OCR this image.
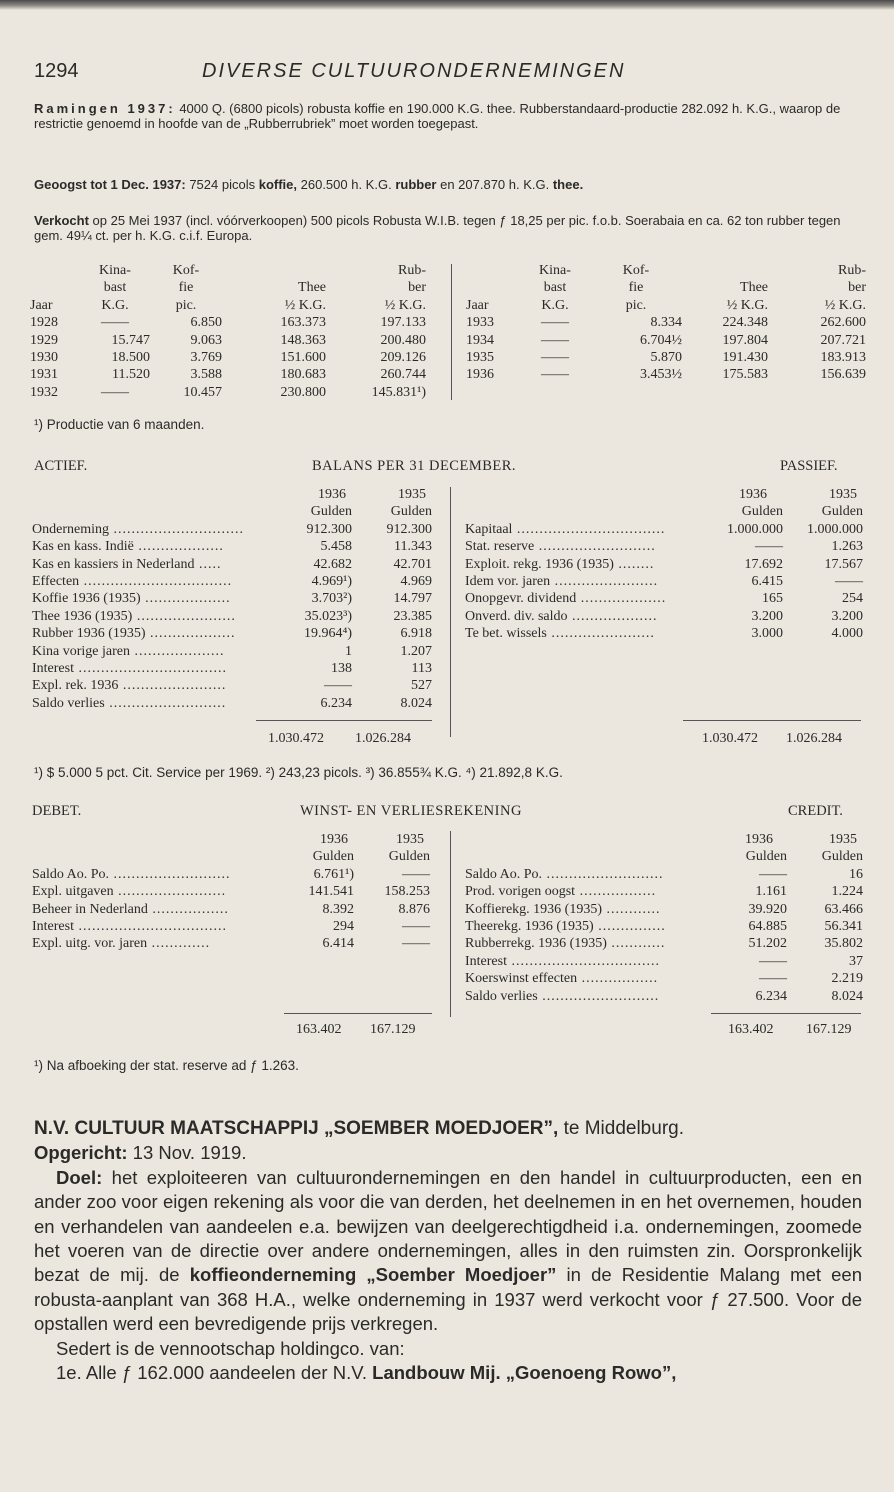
1294	DIVERSE CULTUURONDERNEMINGEN
Ramingen 1937: 4000 Q. (6800 picols) robusta koffie en 190.000 K.G. thee. Rubberstandaard-productie 282.092 h. K.G., waarop de restrictie genoemd in hoofde van de „Rubberrubriek” moet worden toegepast.
Geoogst tot 1 Dec. 1937: 7524 picols koffie, 260.500 h. K.G. rubber en 207.870 h. K.G. thee.
Verkocht op 25 Mei 1937 (incl. vóórverkoopen) 500 picols Robusta W.I.B. tegen ƒ 18,25 per pic. f.o.b. Soerabaia en ca. 62 ton rubber tegen gem. 49¼ ct. per h. K.G. c.i.f. Europa.
	Kina-	Kof-		Rub-
	bast	fie	Thee	ber
Jaar	K.G.	pic.	½ K.G.	½ K.G.
1928	——	6.850	163.373	197.133
1929	15.747	9.063	148.363	200.480
1930	18.500	3.769	151.600	209.126
1931	11.520	3.588	180.683	260.744
1932	——	10.457	230.800	145.831¹)
	Kina-	Kof-		Rub-
	bast	fie	Thee	ber
Jaar	K.G.	pic.	½ K.G.	½ K.G.
1933	——	8.334	224.348	262.600
1934	——	6.704½	197.804	207.721
1935	——	5.870	191.430	183.913
1936	——	3.453½	175.583	156.639
¹) Productie van 6 maanden.
ACTIEF.	BALANS PER 31 DECEMBER.	PASSIEF.
	1936	1935
	Gulden	Gulden
Onderneming .............................	912.300	912.300
Kas en kass. Indië ...................	5.458	11.343
Kas en kassiers in Nederland .....	42.682	42.701
Effecten .................................	4.969¹)	4.969
Koffie 1936 (1935) ...................	3.703²)	14.797
Thee 1936 (1935) ......................	35.023³)	23.385
Rubber 1936 (1935) ...................	19.964⁴)	6.918
Kina vorige jaren ....................	1	1.207
Interest .................................	138	113
Expl. rek. 1936 .......................	——	527
Saldo verlies ..........................	6.234	8.024
	1936	1935
	Gulden	Gulden
Kapitaal .................................	1.000.000	1.000.000
Stat. reserve ..........................	——	1.263
Exploit. rekg. 1936 (1935) ........	17.692	17.567
Idem vor. jaren .......................	6.415	——
Onopgevr. dividend ...................	165	254
Onverd. div. saldo ...................	3.200	3.200
Te bet. wissels .......................	3.000	4.000
1.030.472 1.026.284	1.030.472 1.026.284
¹) $ 5.000 5 pct. Cit. Service per 1969. ²) 243,23 picols. ³) 36.855¾ K.G. ⁴) 21.892,8 K.G.
DEBET.	WINST- EN VERLIESREKENING	CREDIT.
	1936	1935
	Gulden	Gulden
Saldo Ao. Po. ..........................	6.761¹)	——
Expl. uitgaven ........................	141.541	158.253
Beheer in Nederland .................	8.392	8.876
Interest .................................	294	——
Expl. uitg. vor. jaren .............	6.414	——
	1936	1935
	Gulden	Gulden
Saldo Ao. Po. ..........................	——	16
Prod. vorigen oogst .................	1.161	1.224
Koffierekg. 1936 (1935) ............	39.920	63.466
Theerekg. 1936 (1935) ...............	64.885	56.341
Rubberrekg. 1936 (1935) ............	51.202	35.802
Interest .................................	——	37
Koerswinst effecten .................	——	2.219
Saldo verlies ..........................	6.234	8.024
163.402 167.129	163.402 167.129
¹) Na afboeking der stat. reserve ad ƒ 1.263.
N.V. CULTUUR MAATSCHAPPIJ „SOEMBER MOEDJOER”, te Middelburg.
Opgericht: 13 Nov. 1919.
Doel: het exploiteeren van cultuurondernemingen en den handel in cultuurproducten, een en ander zoo voor eigen rekening als voor die van derden, het deelnemen in en het overnemen, houden en verhandelen van aandeelen e.a. bewijzen van deelgerechtigdheid i.a. ondernemingen, zoomede het voeren van de directie over andere ondernemingen, alles in den ruimsten zin. Oorspronkelijk bezat de mij. de koffieonderneming „Soember Moedjoer” in de Residentie Malang met een robusta-aanplant van 368 H.A., welke onderneming in 1937 werd verkocht voor ƒ 27.500. Voor de opstallen werd een bevredigende prijs verkregen.
Sedert is de vennootschap holdingco. van:
1e. Alle ƒ 162.000 aandeelen der N.V. Landbouw Mij. „Goenoeng Rowo”,
